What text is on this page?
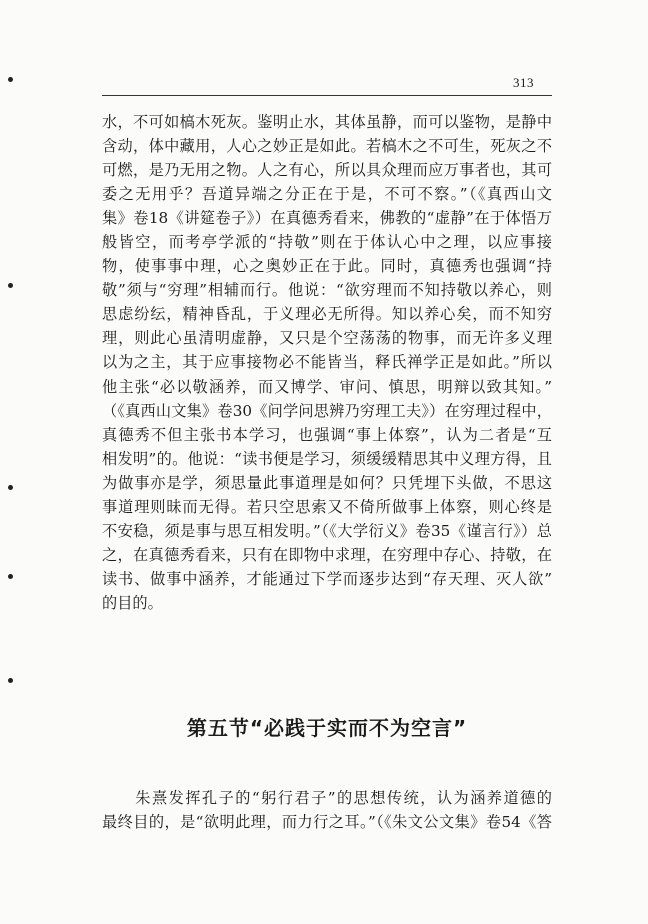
313
水，不可如槁木死灰。鉴明止水，其体虽静，而可以鉴物，是静中
含动，体中藏用，人心之妙正是如此。若槁木之不可生，死灰之不
可燃，是乃无用之物。人之有心，所以具众理而应万事者也，其可
委之无用乎？吾道异端之分正在于是，不可不察。”（《真西山文
集》卷18《讲筵卷子》）在真德秀看来，佛教的“虚静”在于体悟万
般皆空，而考亭学派的“持敬”则在于体认心中之理，以应事接
物，使事事中理，心之奥妙正在于此。同时，真德秀也强调“持
敬”须与“穷理”相辅而行。他说：“欲穷理而不知持敬以养心，则
思虑纷纭，精神昏乱，于义理必无所得。知以养心矣，而不知穷
理，则此心虽清明虚静，又只是个空荡荡的物事，而无许多义理
以为之主，其于应事接物必不能皆当，释氏禅学正是如此。”所以
他主张“必以敬涵养，而又博学、审问、慎思，明辩以致其知。”
（《真西山文集》卷30《问学问思辨乃穷理工夫》）在穷理过程中，
真德秀不但主张书本学习，也强调“事上体察”，认为二者是“互
相发明”的。他说：“读书便是学习，须缓缓精思其中义理方得，且
为做事亦是学，须思量此事道理是如何？只凭埋下头做，不思这
事道理则昧而无得。若只空思索又不倚所做事上体察，则心终是
不安稳，须是事与思互相发明。”（《大学衍义》卷35《谨言行》）总
之，在真德秀看来，只有在即物中求理，在穷理中存心、持敬，在
读书、做事中涵养，才能通过下学而逐步达到“存天理、灭人欲”
的目的。
第五节“必践于实而不为空言”
　　朱熹发挥孔子的“躬行君子”的思想传统，认为涵养道德的
最终目的，是“欲明此理，而力行之耳。”（《朱文公文集》卷54《答
